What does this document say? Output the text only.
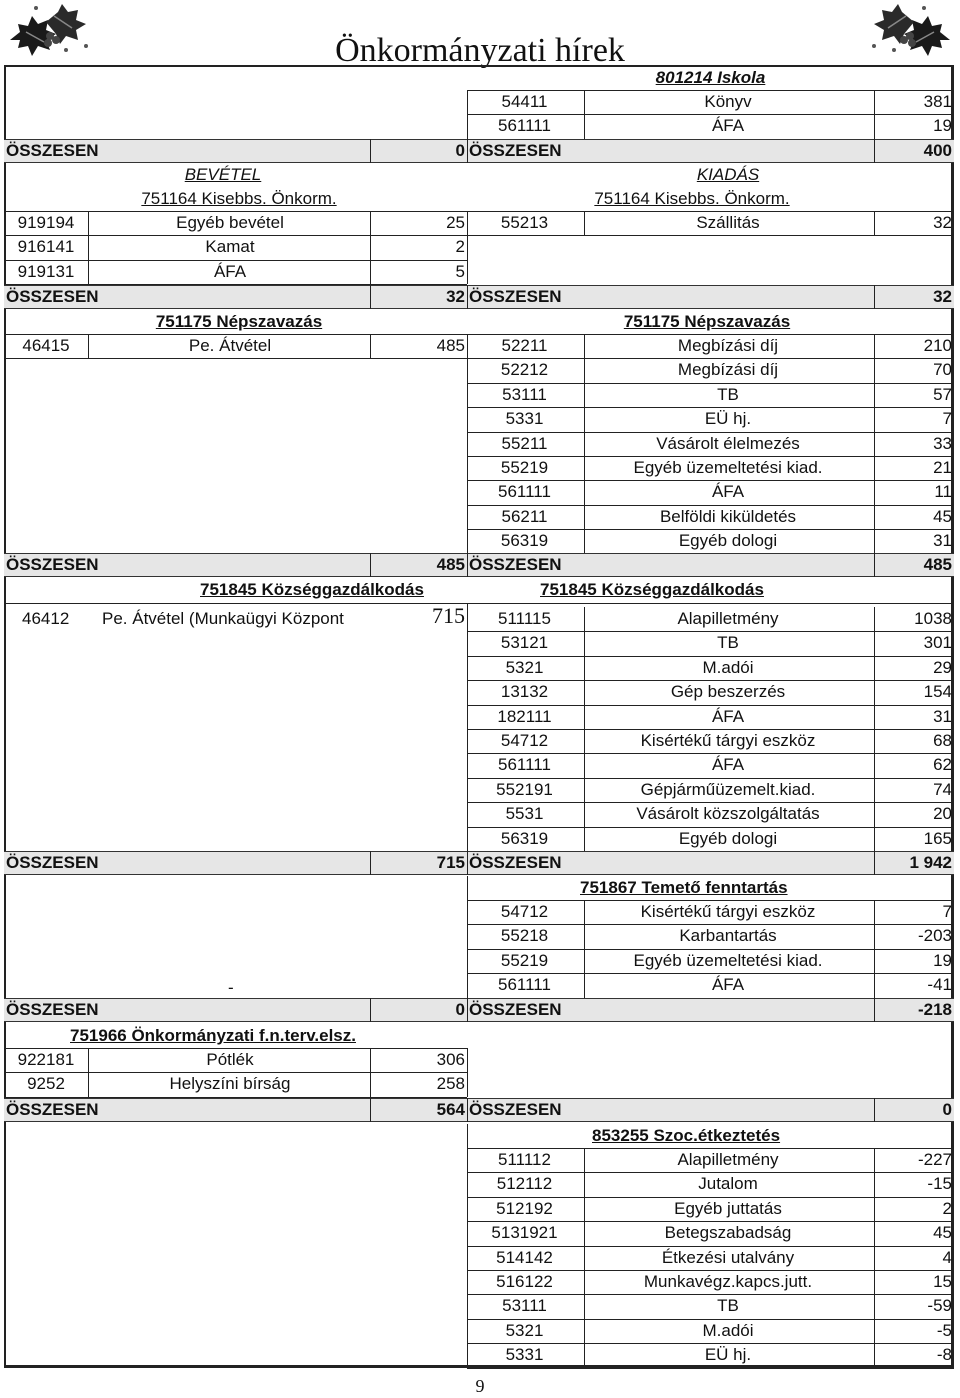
Önkormányzati hírek
801214 Iskola
54411	Könyv	381
561111	ÁFA	19
ÖSSZESEN	0 ÖSSZESEN	400
BEVÉTEL	KIADÁS
751164 Kisebbs. Önkorm.	751164 Kisebbs. Önkorm.
919194	Egyéb bevétel	25
916141	Kamat	2
919131	ÁFA	5
55213	Szállitás	32
ÖSSZESEN	32 ÖSSZESEN	32
751175 Népszavazás	751175 Népszavazás
46415	Pe. Átvétel	485	52211	Megbízási díj	210
52212	Megbízási díj	70
53111	TB	57
5331	EÜ hj.	7
55211	Vásárolt élelmezés	33
55219	Egyéb üzemeltetési kiad.	21
561111	ÁFA	11
56211	Belföldi kiküldetés	45
56319	Egyéb dologi	31
ÖSSZESEN	485 ÖSSZESEN	485
751845 Községgazdálkodás	751845 Községgazdálkodás
46412	Pe. Átvétel (Munkaügyi Központ	715	511115	Alapilletmény	1038
53121	TB	301
5321	M.adói	29
13132	Gép beszerzés	154
182111	ÁFA	31
54712	Kisértékű tárgyi eszköz	68
561111	ÁFA	62
552191	Gépjárműüzemelt.kiad.	74
5531	Vásárolt közszolgáltatás	20
56319	Egyéb dologi	165
ÖSSZESEN	715 ÖSSZESEN	1 942
751867 Temető fenntartás
54712	Kisértékű tárgyi eszköz	7
55218	Karbantartás	-203
55219	Egyéb üzemeltetési kiad.	19
561111	ÁFA	-41
-
ÖSSZESEN	0 ÖSSZESEN	-218
751966 Önkormányzati f.n.terv.elsz.
922181	Pótlék	306
9252	Helyszíni bírság	258
ÖSSZESEN	564 ÖSSZESEN	0
853255 Szoc.étkeztetés
511112	Alapilletmény	-227
512112	Jutalom	-15
512192	Egyéb juttatás	2
5131921	Betegszabadság	45
514142	Étkezési utalvány	4
516122	Munkavégz.kapcs.jutt.	15
53111	TB	-59
5321	M.adói	-5
5331	EÜ hj.	-8
9
